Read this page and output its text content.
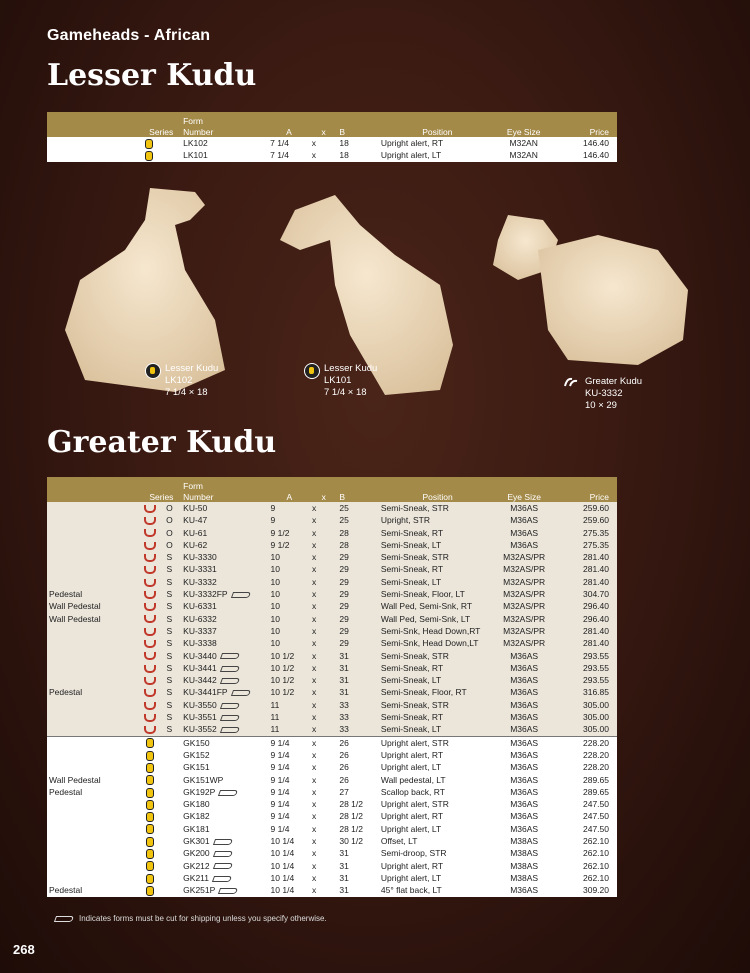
Gameheads - African
Lesser Kudu
			Form						
	Series		Number	A	x	B	Position	Eye Size	Price
			LK102	7 1/4	x	18	Upright alert, RT	M32AN	146.40
			LK101	7 1/4	x	18	Upright alert, LT	M32AN	146.40
Lesser Kudu
LK102
7 1/4 × 18
Lesser Kudu
LK101
7 1/4 × 18
Greater Kudu
KU-3332
10 × 29
Greater Kudu
			Form						
	Series		Number	A	x	B	Position	Eye Size	Price
		O	KU-50	9	x	25	Semi-Sneak, STR	M36AS	259.60
		O	KU-47	9	x	25	Upright, STR	M36AS	259.60
		O	KU-61	9 1/2	x	28	Semi-Sneak, RT	M36AS	275.35
		O	KU-62	9 1/2	x	28	Semi-Sneak, LT	M36AS	275.35
		S	KU-3330	10	x	29	Semi-Sneak, STR	M32AS/PR	281.40
		S	KU-3331	10	x	29	Semi-Sneak, RT	M32AS/PR	281.40
		S	KU-3332	10	x	29	Semi-Sneak, LT	M32AS/PR	281.40
Pedestal		S	KU-3332FP	10	x	29	Semi-Sneak, Floor, LT	M32AS/PR	304.70
Wall Pedestal		S	KU-6331	10	x	29	Wall Ped, Semi-Snk, RT	M32AS/PR	296.40
Wall Pedestal		S	KU-6332	10	x	29	Wall Ped, Semi-Snk, LT	M32AS/PR	296.40
		S	KU-3337	10	x	29	Semi-Snk, Head Down,RT	M32AS/PR	281.40
		S	KU-3338	10	x	29	Semi-Snk, Head Down,LT	M32AS/PR	281.40
		S	KU-3440	10 1/2	x	31	Semi-Sneak, STR	M36AS	293.55
		S	KU-3441	10 1/2	x	31	Semi-Sneak, RT	M36AS	293.55
		S	KU-3442	10 1/2	x	31	Semi-Sneak, LT	M36AS	293.55
Pedestal		S	KU-3441FP	10 1/2	x	31	Semi-Sneak, Floor, RT	M36AS	316.85
		S	KU-3550	11	x	33	Semi-Sneak, STR	M36AS	305.00
		S	KU-3551	11	x	33	Semi-Sneak, RT	M36AS	305.00
		S	KU-3552	11	x	33	Semi-Sneak, LT	M36AS	305.00
			GK150	9 1/4	x	26	Upright alert, STR	M36AS	228.20
			GK152	9 1/4	x	26	Upright alert, RT	M36AS	228.20
			GK151	9 1/4	x	26	Upright alert, LT	M36AS	228.20
Wall Pedestal			GK151WP	9 1/4	x	26	Wall pedestal, LT	M36AS	289.65
Pedestal			GK192P	9 1/4	x	27	Scallop back, RT	M36AS	289.65
			GK180	9 1/4	x	28 1/2	Upright alert, STR	M36AS	247.50
			GK182	9 1/4	x	28 1/2	Upright alert, RT	M36AS	247.50
			GK181	9 1/4	x	28 1/2	Upright alert, LT	M36AS	247.50
			GK301	10 1/4	x	30 1/2	Offset, LT	M38AS	262.10
			GK200	10 1/4	x	31	Semi-droop, STR	M38AS	262.10
			GK212	10 1/4	x	31	Upright alert, RT	M38AS	262.10
			GK211	10 1/4	x	31	Upright alert, LT	M38AS	262.10
Pedestal			GK251P	10 1/4	x	31	45° flat back, LT	M36AS	309.20
Indicates forms must be cut for shipping unless you specify otherwise.
268
